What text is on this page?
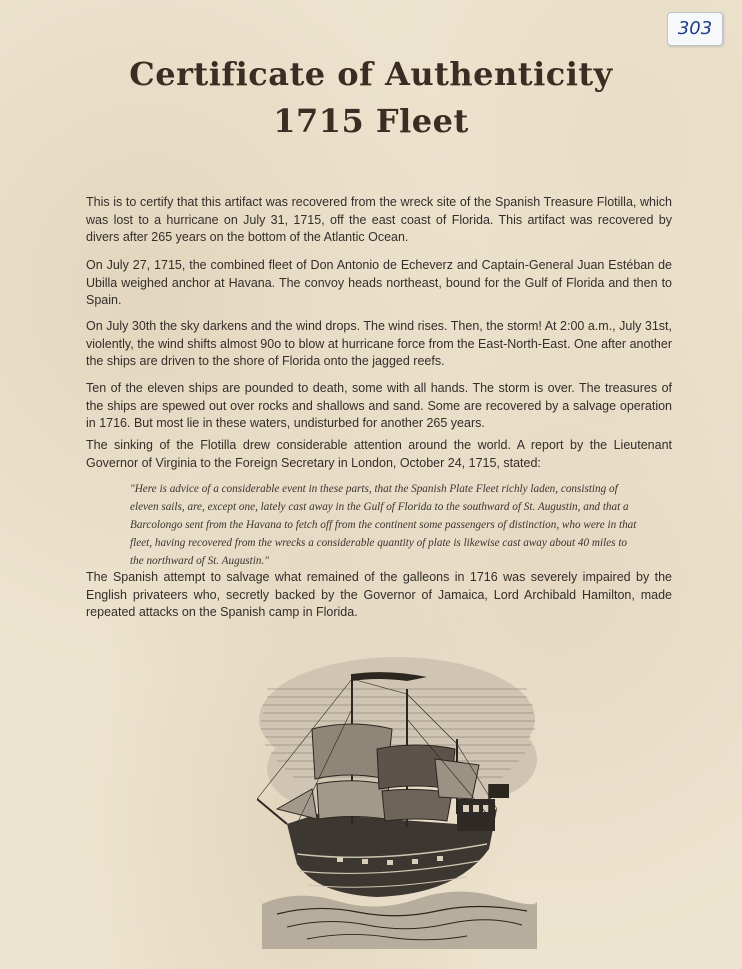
303
Certificate of Authenticity
1715 Fleet

This is to certify that this artifact was recovered from the wreck site of the Spanish Treasure Flotilla, which was lost to a hurricane on July 31, 1715, off the east coast of Florida. This artifact was recovered by divers after 265 years on the bottom of the Atlantic Ocean.

On July 27, 1715, the combined fleet of Don Antonio de Echeverz and Captain-General Juan Estéban de Ubilla weighed anchor at Havana. The convoy heads northeast, bound for the Gulf of Florida and then to Spain.

On July 30th the sky darkens and the wind drops. The wind rises. Then, the storm! At 2:00 a.m., July 31st, violently, the wind shifts almost 90o to blow at hurricane force from the East-North-East. One after another the ships are driven to the shore of Florida onto the jagged reefs.

Ten of the eleven ships are pounded to death, some with all hands. The storm is over. The treasures of the ships are spewed out over rocks and shallows and sand. Some are recovered by a salvage operation in 1716. But most lie in these waters, undisturbed for another 265 years.

The sinking of the Flotilla drew considerable attention around the world. A report by the Lieutenant Governor of Virginia to the Foreign Secretary in London, October 24, 1715, stated:

"Here is advice of a considerable event in these parts, that the Spanish Plate Fleet richly laden, consisting of eleven sails, are, except one, lately cast away in the Gulf of Florida to the southward of St. Augustin, and that a Barcolongo sent from the Havana to fetch off from the continent some passengers of distinction, who were in that fleet, having recovered from the wrecks a considerable quantity of plate is likewise cast away about 40 miles to the northward of St. Augustin."

The Spanish attempt to salvage what remained of the galleons in 1716 was severely impaired by the English privateers who, secretly backed by the Governor of Jamaica, Lord Archibald Hamilton, made repeated attacks on the Spanish camp in Florida.
